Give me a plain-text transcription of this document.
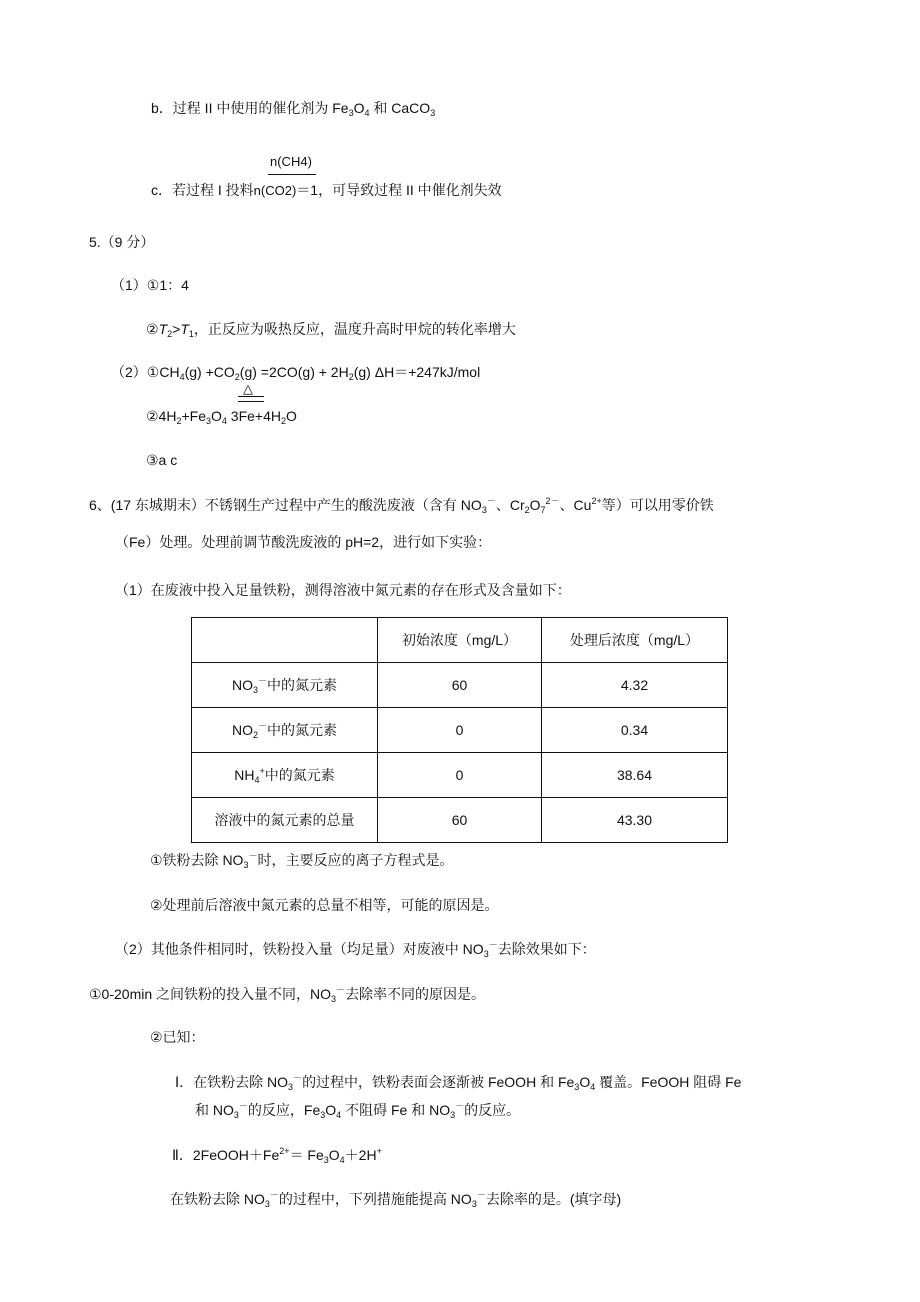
b．过程 II 中使用的催化剂为 $Fe_3O_4$ 和 CaCO$_3$
n(CH4)
c．若过程 I 投料n(CO2)＝1，可导致过程 II 中催化剂失效
5.（9 分）
（1）①1：4
$②T_2>T_1$，正反应为吸热反应，温度升高时甲烷的转化率增大
$(2)①CH_4(g) +CO_2(g) =2CO(g) + 2H_2(g)$ ΔH＝+247kJ/mol
△
$②4H_2+Fe_3O_4$ $3Fe+4H_2O$
③a c
6、(17 东城期末）不锈钢生产过程中产生的酸洗废液（含有 $NO_3^-$、$Cr_2O_7^{2-}$、$Cu^{2+}$等）可以用零价铁
（Fe）处理。处理前调节酸洗废液的 pH=2，进行如下实验：
（1）在废液中投入足量铁粉，测得溶液中氮元素的存在形式及含量如下：
	初始浓度（mg/L）	处理后浓度（mg/L）
$NO_3^-$中的氮元素	60	4.32
$NO_2^-$中的氮元素	0	0.34
$NH_4^+$中的氮元素	0	38.64
溶液中的氮元素的总量	60	43.30
①铁粉去除 $NO_3^-$时，主要反应的离子方程式是。
②处理前后溶液中氮元素的总量不相等，可能的原因是。
（2）其他条件相同时，铁粉投入量（均足量）对废液中 $NO_3^-$去除效果如下：
①0-20min 之间铁粉的投入量不同，$NO_3^-$去除率不同的原因是。
②已知：
Ⅰ．在铁粉去除 $NO_3^-$的过程中，铁粉表面会逐渐被 FeOOH 和 $Fe_3O_4$ 覆盖。FeOOH 阻碍 Fe
和 $NO_3^-$的反应，$Fe_3O_4$ 不阻碍 Fe 和 $NO_3^-$的反应。
Ⅱ．$2FeOOH+Fe^{2+}= Fe_3O_4+2H^+$
在铁粉去除 $NO_3^-$的过程中，下列措施能提高 $NO_3^-$去除率的是。(填字母)
